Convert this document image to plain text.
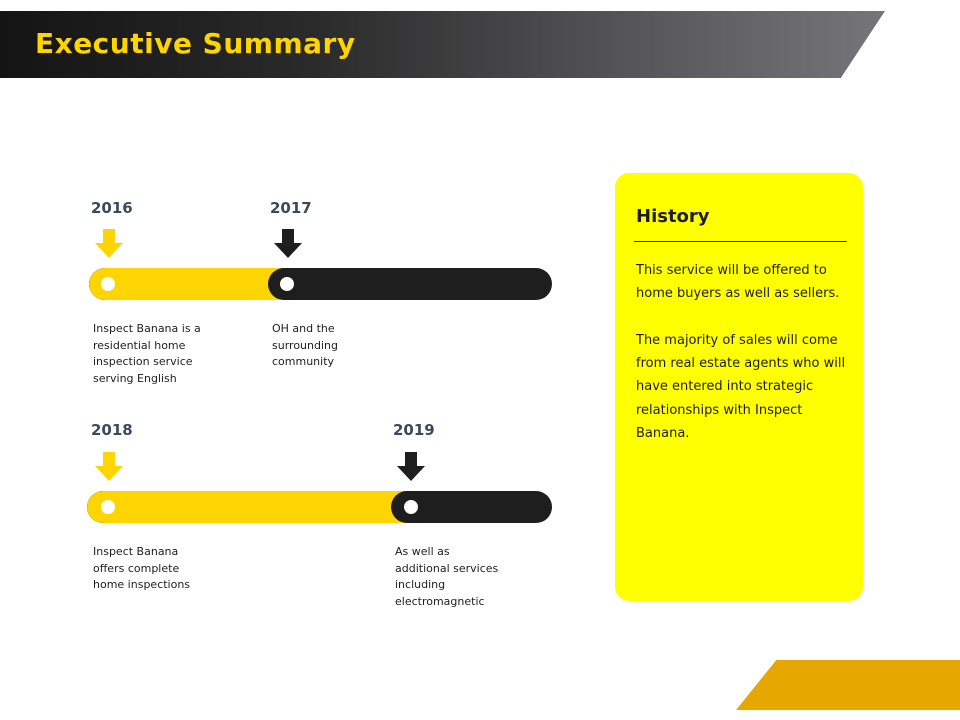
Executive Summary
2016	2017
Inspect Banana is a residential home inspection service serving English
OH and the surrounding community
2018	2019
Inspect Banana offers complete home inspections
As well as additional services including electromagnetic
History

This service will be offered to home buyers as well as sellers.

The majority of sales will come from real estate agents who will have entered into strategic relationships with Inspect Banana.
